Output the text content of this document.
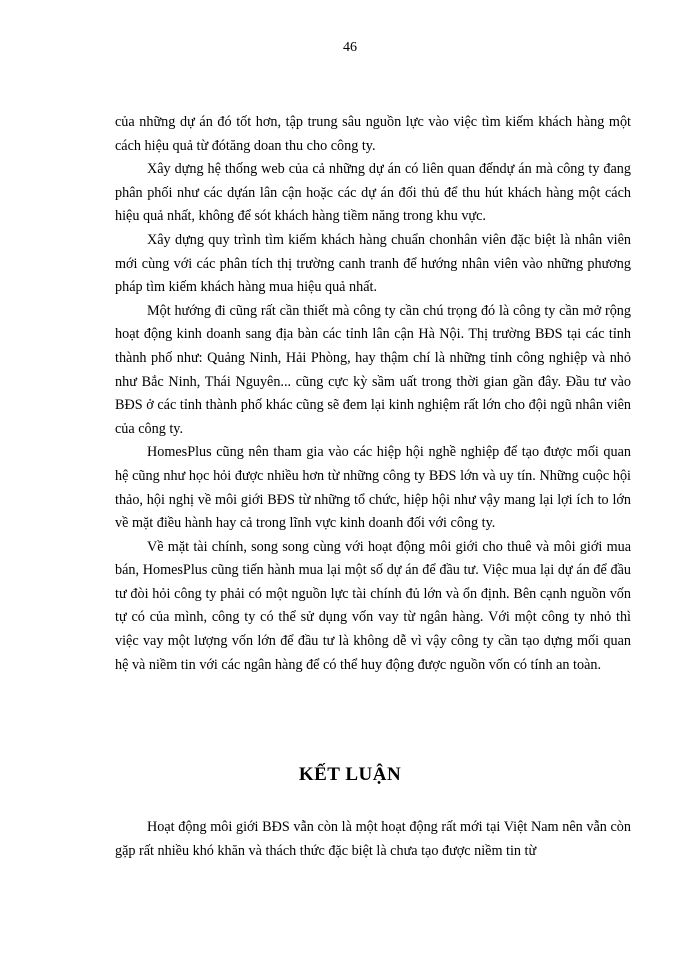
46

của những dự án đó tốt hơn, tập trung sâu nguồn lực vào việc tìm kiếm khách hàng một cách hiệu quả từ đótăng doan thu cho công ty.

Xây dựng hệ thống web của cả những dự án có liên quan đếndự án mà công ty đang phân phối như các dựán lân cận hoặc các dự án đối thủ để thu hút khách hàng một cách hiệu quả nhất, không để sót khách hàng tiềm năng trong khu vực.

Xây dựng quy trình tìm kiếm khách hàng chuẩn chonhân viên đặc biệt là nhân viên mới cùng với các phân tích thị trường canh tranh để hướng nhân viên vào những phương pháp tìm kiếm khách hàng mua hiệu quả nhất.

Một hướng đi cũng rất cần thiết mà công ty cần chú trọng đó là công ty cần mở rộng hoạt động kinh doanh sang địa bàn các tỉnh lân cận Hà Nội. Thị trường BĐS tại các tỉnh thành phố như: Quảng Ninh, Hải Phòng, hay thậm chí là những tỉnh công nghiệp và nhỏ như Bắc Ninh, Thái Nguyên... cũng cực kỳ sầm uất trong thời gian gần đây. Đầu tư vào BĐS ở các tỉnh thành phố khác cũng sẽ đem lại kinh nghiệm rất lớn cho đội ngũ nhân viên của công ty.

HomesPlus cũng nên tham gia vào các hiệp hội nghề nghiệp để tạo được mối quan hệ cũng như học hỏi được nhiều hơn từ những công ty BĐS lớn và uy tín. Những cuộc hội thảo, hội nghị về môi giới BĐS từ những tổ chức, hiệp hội như vậy mang lại lợi ích to lớn về mặt điều hành hay cả trong lĩnh vực kinh doanh đối với công ty.

Về mặt tài chính, song song cùng với hoạt động môi giới cho thuê và môi giới mua bán, HomesPlus cũng tiến hành mua lại một số dự án để đầu tư. Việc mua lại dự án để đầu tư đòi hỏi công ty phải có một nguồn lực tài chính đủ lớn và ổn định. Bên cạnh nguồn vốn tự có của mình, công ty có thể sử dụng vốn vay từ ngân hàng. Với một công ty nhỏ thì việc vay một lượng vốn lớn để đầu tư là không dễ vì vậy công ty cần tạo dựng mối quan hệ và niềm tin với các ngân hàng để có thể huy động được nguồn vốn có tính an toàn.

KẾT LUẬN

Hoạt động môi giới BĐS vẫn còn là một hoạt động rất mới tại Việt Nam nên vẫn còn gặp rất nhiều khó khăn và thách thức đặc biệt là chưa tạo được niềm tin từ
